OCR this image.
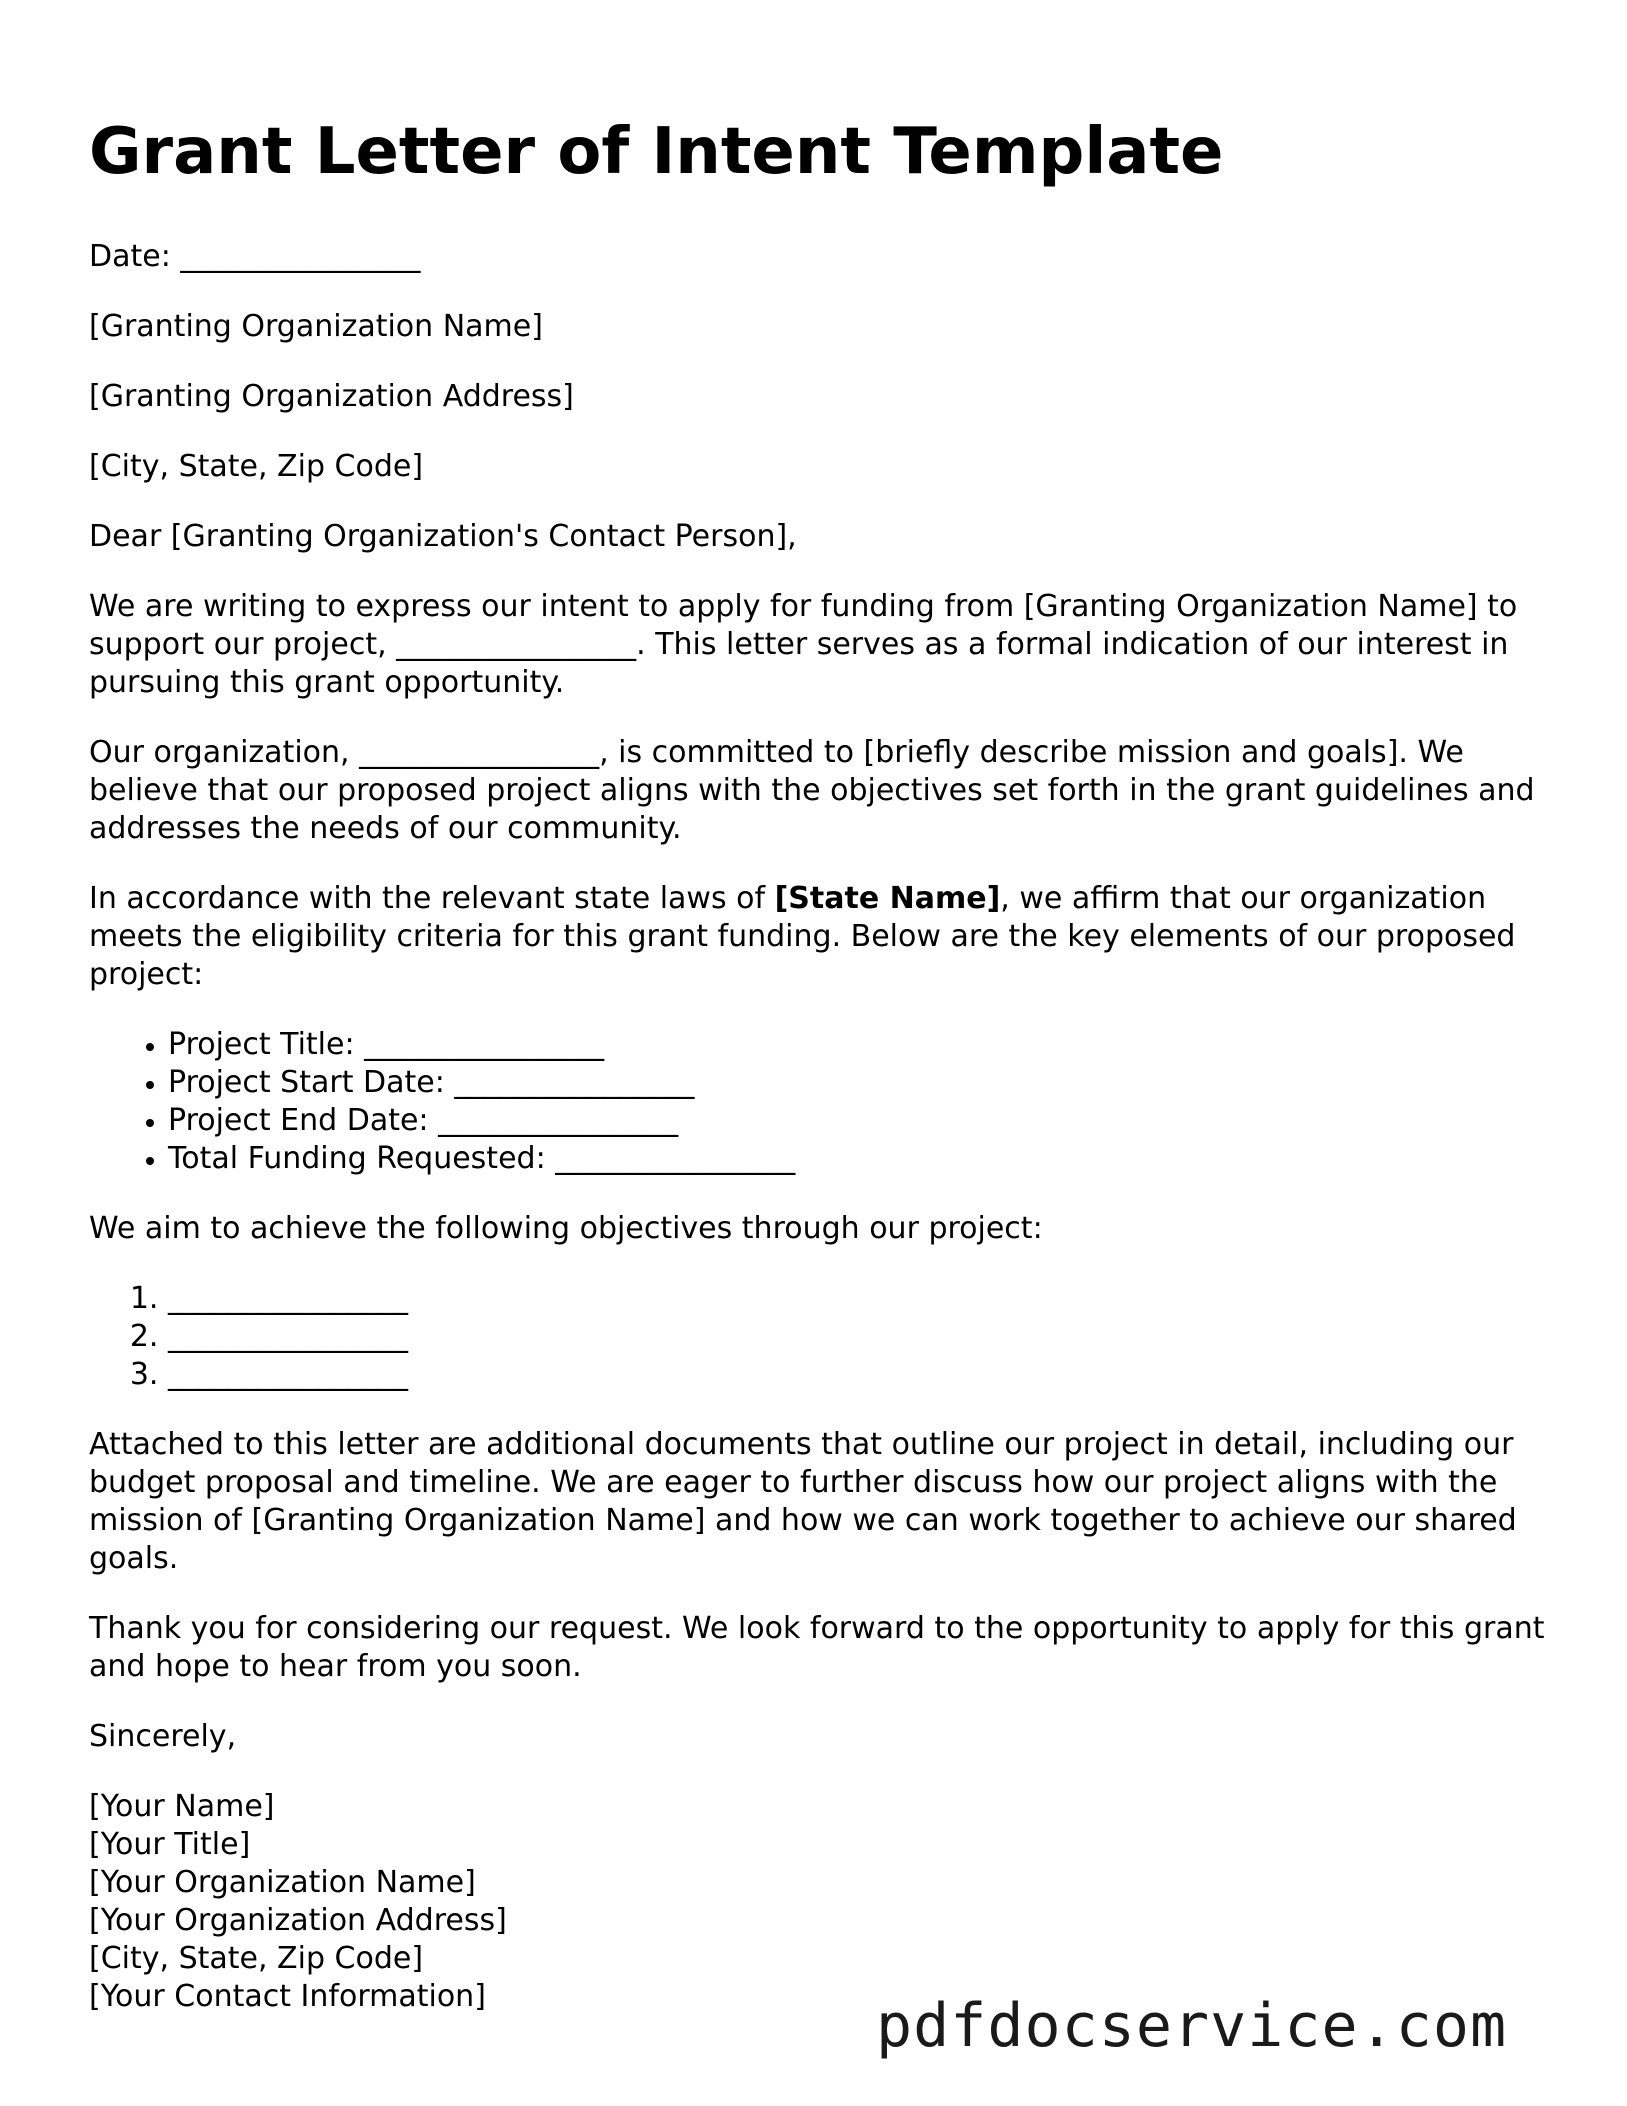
Grant Letter of Intent Template

Date: ________________

[Granting Organization Name]

[Granting Organization Address]

[City, State, Zip Code]

Dear [Granting Organization's Contact Person],

We are writing to express our intent to apply for funding from [Granting Organization Name] to support our project, ________________. This letter serves as a formal indication of our interest in pursuing this grant opportunity.

Our organization, ________________, is committed to [briefly describe mission and goals]. We believe that our proposed project aligns with the objectives set forth in the grant guidelines and addresses the needs of our community.

In accordance with the relevant state laws of [State Name], we affirm that our organization meets the eligibility criteria for this grant funding. Below are the key elements of our proposed project:

• Project Title: ________________
• Project Start Date: ________________
• Project End Date: ________________
• Total Funding Requested: ________________

We aim to achieve the following objectives through our project:

1. ________________
2. ________________
3. ________________

Attached to this letter are additional documents that outline our project in detail, including our budget proposal and timeline. We are eager to further discuss how our project aligns with the mission of [Granting Organization Name] and how we can work together to achieve our shared goals.

Thank you for considering our request. We look forward to the opportunity to apply for this grant and hope to hear from you soon.

Sincerely,

[Your Name]
[Your Title]
[Your Organization Name]
[Your Organization Address]
[City, State, Zip Code]
[Your Contact Information]	pdfdocservice.com
